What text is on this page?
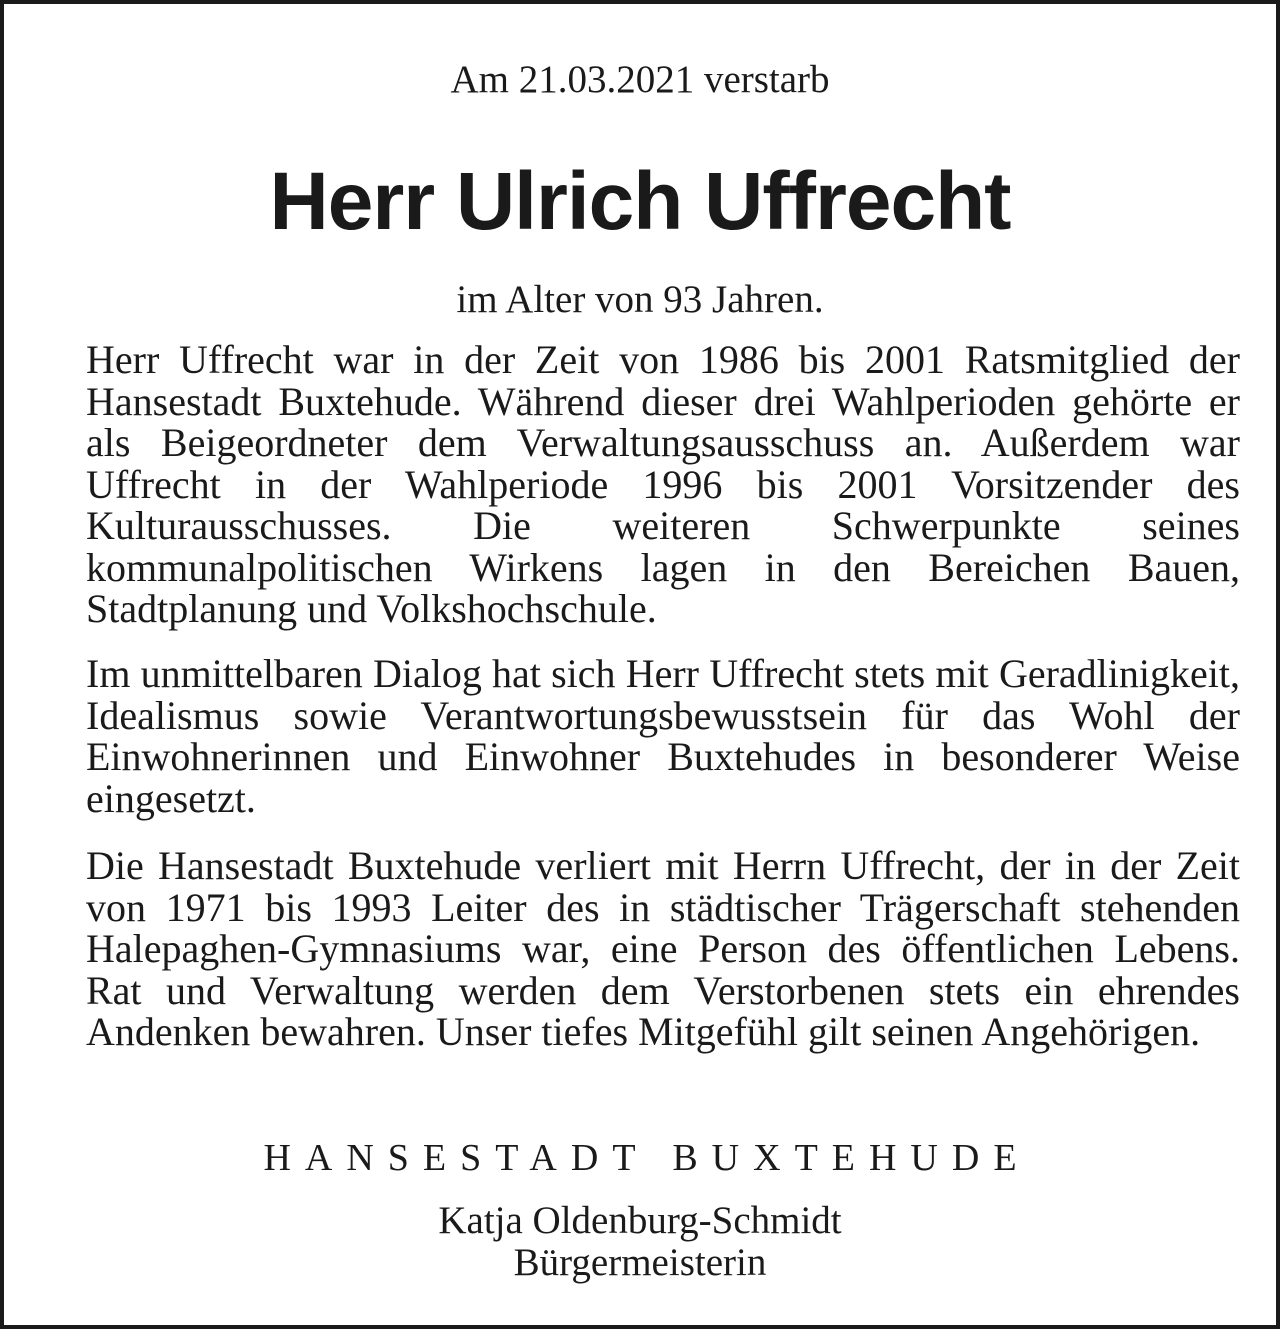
Am 21.03.2021 verstarb
Herr Ulrich Uffrecht
im Alter von 93 Jahren.
Herr Uffrecht war in der Zeit von 1986 bis 2001 Ratsmitglied der Hansestadt Buxtehude. Während dieser drei Wahlperioden gehörte er als Beigeordneter dem Verwaltungsausschuss an. Außerdem war Uffrecht in der Wahlperiode 1996 bis 2001 Vorsitzender des Kulturausschusses. Die weiteren Schwerpunkte seines kommunalpolitischen Wirkens lagen in den Bereichen Bauen, Stadtplanung und Volkshochschule.
Im unmittelbaren Dialog hat sich Herr Uffrecht stets mit Geradlinigkeit, Idealismus sowie Verantwortungsbewusstsein für das Wohl der Einwohnerinnen und Einwohner Buxtehudes in besonderer Weise eingesetzt.
Die Hansestadt Buxtehude verliert mit Herrn Uffrecht, der in der Zeit von 1971 bis 1993 Leiter des in städtischer Trägerschaft stehenden Halepaghen-Gymnasiums war, eine Person des öffentlichen Lebens. Rat und Verwaltung werden dem Verstorbenen stets ein ehrendes Andenken bewahren. Unser tiefes Mitgefühl gilt seinen Angehörigen.
HANSESTADT BUXTEHUDE
Katja Oldenburg-Schmidt
Bürgermeisterin
